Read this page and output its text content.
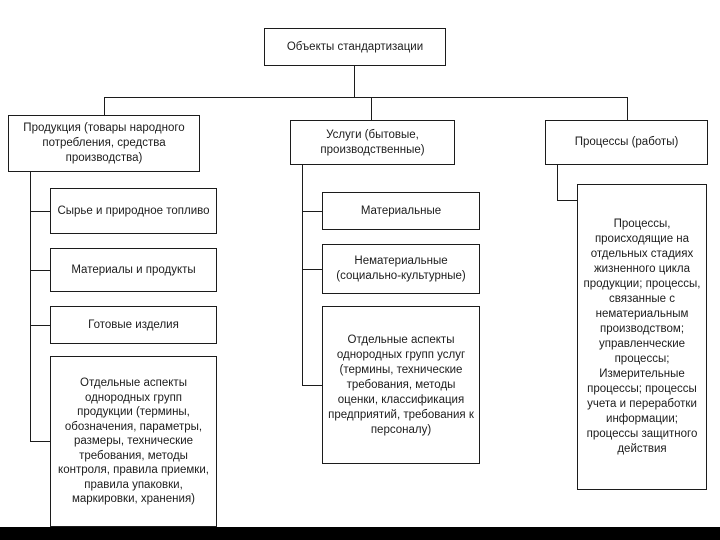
Объекты стандартизации
Продукция (товары народного потребления, средства производства)
Услуги (бытовые, производственные)
Процессы (работы)
Сырье и природное топливо
Материалы и продукты
Готовые изделия
Отдельные аспекты однородных групп продукции (термины, обозначения, параметры, размеры, технические требования, методы контроля, правила приемки, правила упаковки, маркировки, хранения)
Материальные
Нематериальные (социально-культурные)
Отдельные аспекты однородных групп услуг (термины, технические требования, методы оценки, классификация предприятий, требования к персоналу)
Процессы, происходящие на отдельных стадиях жизненного цикла продукции; процессы, связанные с нематериальным производством; управленческие процессы; Измерительные процессы; процессы учета и переработки информации; процессы защитного действия
